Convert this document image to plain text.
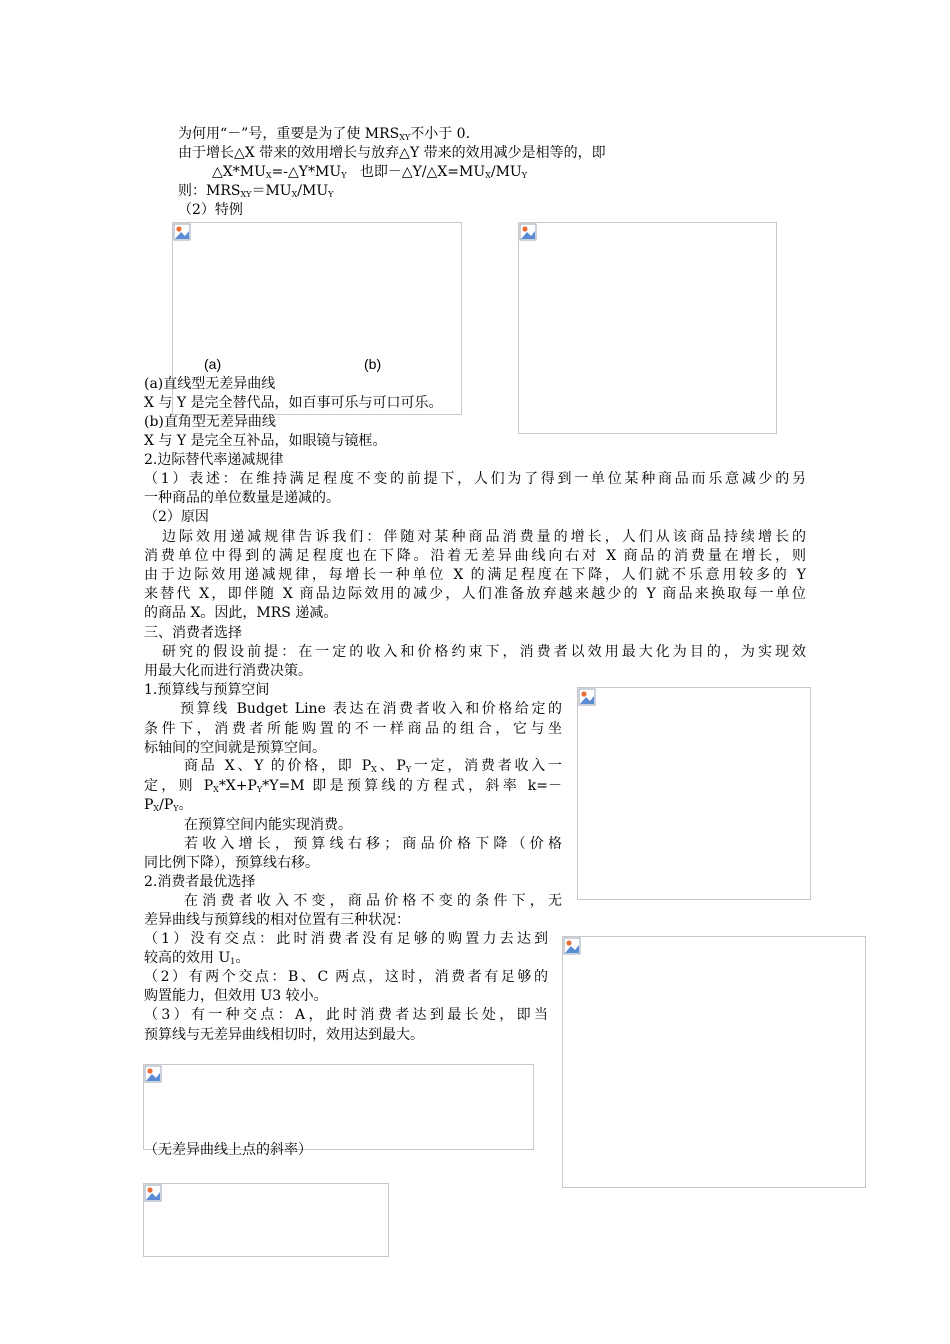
为何用“－”号，重要是为了使 $MRS_{XY}$不小于 0.
由于增长△X 带来的效用增长与放弃△Y 带来的效用减少是相等的，即
$\triangle X*MU_X=-\triangle Y*MU_Y$ 也即$-\triangle Y/\triangle X=MU_X/MU_Y$
则：$MRS_{XY}=MU_X/MU_Y$
（2）特例
(a)	(b)
(a)直线型无差异曲线
X 与 Y 是完全替代品，如百事可乐与可口可乐。
(b)直角型无差异曲线
X 与 Y 是完全互补品，如眼镜与镜框。
2.边际替代率递减规律
（1）表述：在维持满足程度不变的前提下，人们为了得到一单位某种商品而乐意减少的另
一种商品的单位数量是递减的。
（2）原因
边际效用递减规律告诉我们：伴随对某种商品消费量的增长，人们从该商品持续增长的
消费单位中得到的满足程度也在下降。沿着无差异曲线向右对 X 商品的消费量在增长，则
由于边际效用递减规律，每增长一种单位 X 的满足程度在下降，人们就不乐意用较多的 Y
来替代 X，即伴随 X 商品边际效用的减少，人们准备放弃越来越少的 Y 商品来换取每一单位
的商品 X。因此，MRS 递减。
三、消费者选择
研究的假设前提：在一定的收入和价格约束下，消费者以效用最大化为目的，为实现效
用最大化而进行消费决策。
1.预算线与预算空间
预算线 Budget Line 表达在消费者收入和价格给定的
条件下，消费者所能购置的不一样商品的组合，它与坐
标轴间的空间就是预算空间。
商品 X、Y 的价格，即 $P_X$、$P_Y$一定，消费者收入一
定，则 $P_X*X+P_Y*Y=M$ 即是预算线的方程式，斜率 k=－
$P_X/P_Y$。
在预算空间内能实现消费。
若收入增长，预算线右移；商品价格下降（价格
同比例下降），预算线右移。
2.消费者最优选择
在消费者收入不变，商品价格不变的条件下，无
差异曲线与预算线的相对位置有三种状况：
（1）没有交点：此时消费者没有足够的购置力去达到
较高的效用 $U_1$。
（2）有两个交点：B、C 两点，这时，消费者有足够的
购置能力，但效用 U3 较小。
（3）有一种交点：A，此时消费者达到最长处，即当
预算线与无差异曲线相切时，效用达到最大。
（无差异曲线上点的斜率）
